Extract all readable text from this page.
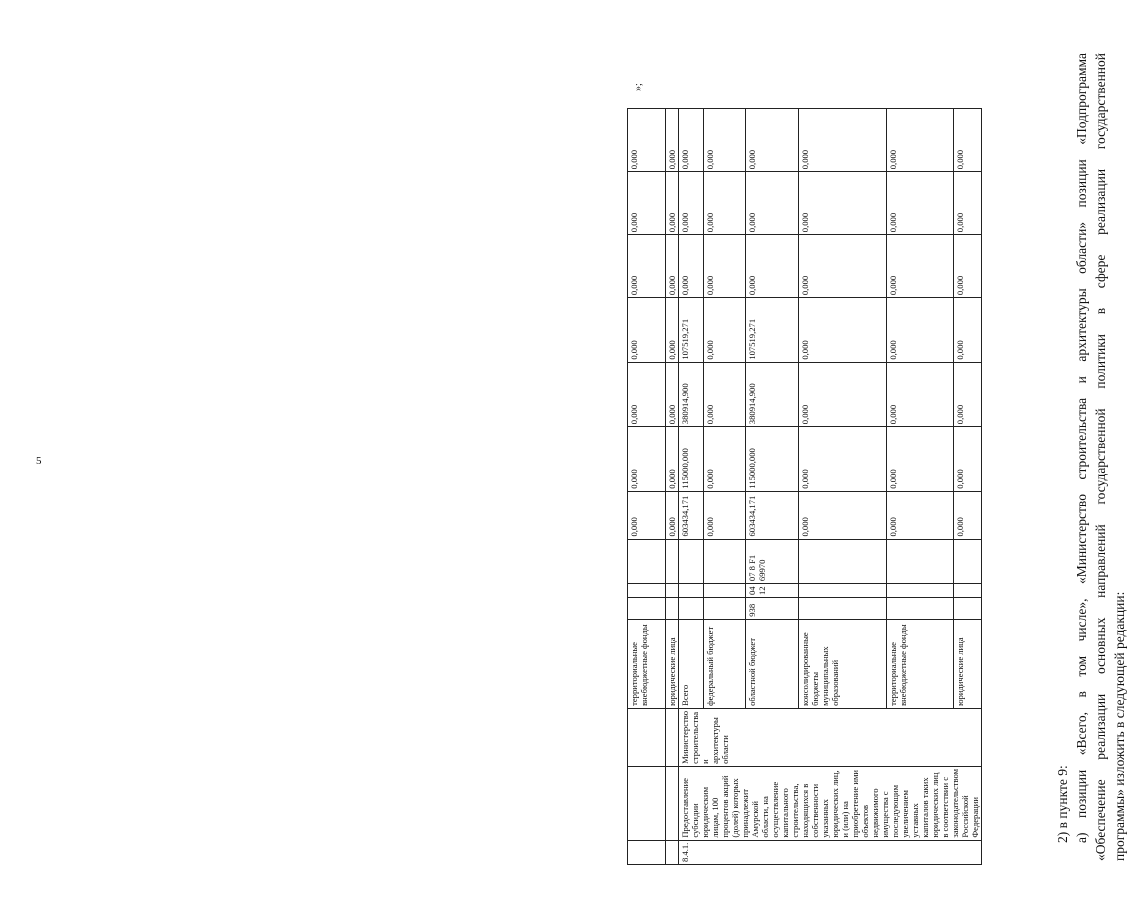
5
			территориальные внебюджетные фонды				0,000	0,000	0,000	0,000	0,000	0,000	0,000
			юридические лица				0,000	0,000	0,000	0,000	0,000	0,000	0,000
8.4.1.	Предоставление субсидии юридическим лицам, 100 процентов акций (долей) которых принадлежит Амурской области, на осуществление капитального строительства, находящихся в собственности указанных юридических лиц, и (или) на приобретение ими объектов недвижимого имущества с последующим увеличением уставных капиталов таких юридических лиц в соответствии с законодательством Российской Федерации	Министерство строительства и архитектуры области	Всего				603434,171	115000,000	380914,900	107519,271	0,000	0,000	0,000
			федеральный бюджет				0,000	0,000	0,000	0,000	0,000	0,000	0,000
			областной бюджет	938	04 12	07 8 F1 69970	603434,171	115000,000	380914,900	107519,271	0,000	0,000	0,000
			консолидированные бюджеты муниципальных образований				0,000	0,000	0,000	0,000	0,000	0,000	0,000
			территориальные внебюджетные фонды				0,000	0,000	0,000	0,000	0,000	0,000	0,000
			юридические лица				0,000	0,000	0,000	0,000	0,000	0,000	0,000
»;

2) в пункте 9: а) позиции «Всего, в том числе», «Министерство строительства и архитектуры области» позиции «Подпрограмма «Обеспечение реализации основных направлений государственной политики в сфере реализации государственной программы» изложить в следующей редакции:
